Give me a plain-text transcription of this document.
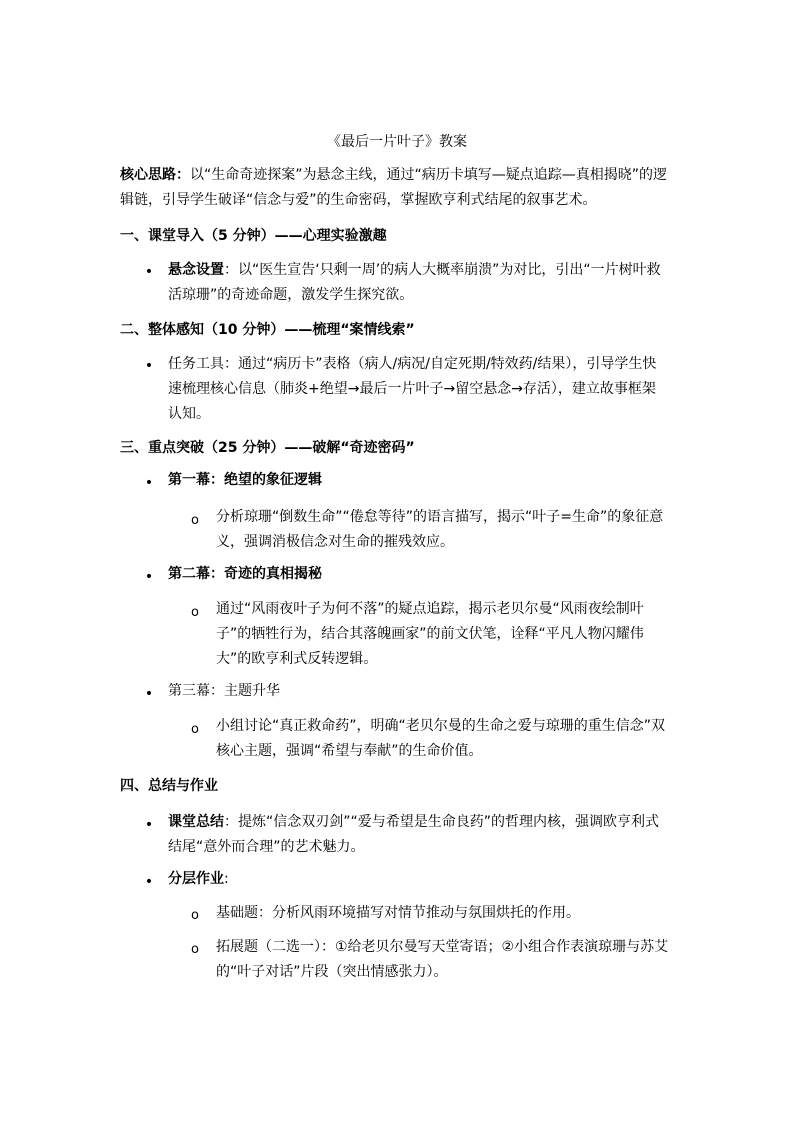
《最后一片叶子》教案

核心思路：以“生命奇迹探案”为悬念主线，通过“病历卡填写—疑点追踪—真相揭晓”的逻辑链，引导学生破译“信念与爱”的生命密码，掌握欧亨利式结尾的叙事艺术。

一、课堂导入（5 分钟）——心理实验激趣
• 悬念设置：以“医生宣告‘只剩一周’的病人大概率崩溃”为对比，引出“一片树叶救活琼珊”的奇迹命题，激发学生探究欲。

二、整体感知（10 分钟）——梳理“案情线索”
• 任务工具：通过“病历卡”表格（病人/病况/自定死期/特效药/结果），引导学生快速梳理核心信息（肺炎+绝望→最后一片叶子→留空悬念→存活），建立故事框架认知。

三、重点突破（25 分钟）——破解“奇迹密码”
• 第一幕：绝望的象征逻辑
o 分析琼珊“倒数生命”“倦怠等待”的语言描写，揭示“叶子=生命”的象征意义，强调消极信念对生命的摧残效应。

• 第二幕：奇迹的真相揭秘
o 通过“风雨夜叶子为何不落”的疑点追踪，揭示老贝尔曼“风雨夜绘制叶子”的牺牲行为，结合其落魄画家”的前文伏笔，诠释“平凡人物闪耀伟大”的欧亨利式反转逻辑。

• 第三幕：主题升华
o 小组讨论“真正救命药”，明确“老贝尔曼的生命之爱与琼珊的重生信念”双核心主题，强调“希望与奉献”的生命价值。

四、总结与作业
• 课堂总结：提炼“信念双刃剑”“爱与希望是生命良药”的哲理内核，强调欧亨利式结尾“意外而合理”的艺术魅力。

• 分层作业:

o 基础题：分析风雨环境描写对情节推动与氛围烘托的作用。

o 拓展题（二选一）：①给老贝尔曼写天堂寄语；②小组合作表演琼珊与苏艾的“叶子对话”片段（突出情感张力）。
